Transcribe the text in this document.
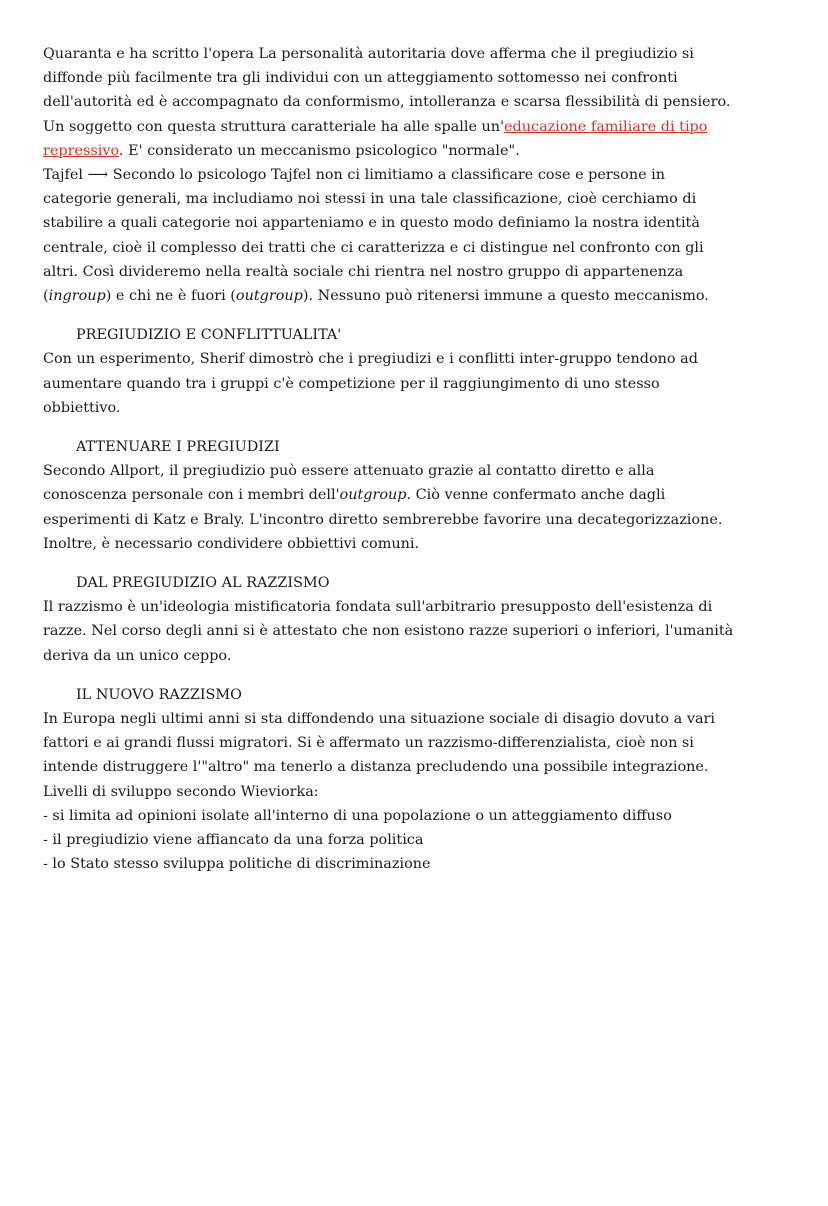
Quaranta e ha scritto l'opera La personalità autoritaria dove afferma che il pregiudizio si
diffonde più facilmente tra gli individui con un atteggiamento sottomesso nei confronti
dell'autorità ed è accompagnato da conformismo, intolleranza e scarsa flessibilità di pensiero.
Un soggetto con questa struttura caratteriale ha alle spalle un'educazione familiare di tipo
repressivo. E' considerato un meccanismo psicologico "normale".

Tajfel ⟶ Secondo lo psicologo Tajfel non ci limitiamo a classificare cose e persone in
categorie generali, ma includiamo noi stessi in una tale classificazione, cioè cerchiamo di
stabilire a quali categorie noi apparteniamo e in questo modo definiamo la nostra identità
centrale, cioè il complesso dei tratti che ci caratterizza e ci distingue nel confronto con gli
altri. Così divideremo nella realtà sociale chi rientra nel nostro gruppo di appartenenza
(ingroup) e chi ne è fuori (outgroup). Nessuno può ritenersi immune a questo meccanismo.

PREGIUDIZIO E CONFLITTUALITA'

Con un esperimento, Sherif dimostrò che i pregiudizi e i conflitti inter-gruppo tendono ad
aumentare quando tra i gruppi c'è competizione per il raggiungimento di uno stesso
obbiettivo.

ATTENUARE I PREGIUDIZI

Secondo Allport, il pregiudizio può essere attenuato grazie al contatto diretto e alla
conoscenza personale con i membri dell'outgroup. Ciò venne confermato anche dagli
esperimenti di Katz e Braly. L'incontro diretto sembrerebbe favorire una decategorizzazione.
Inoltre, è necessario condividere obbiettivi comuni.

DAL PREGIUDIZIO AL RAZZISMO

Il razzismo è un'ideologia mistificatoria fondata sull'arbitrario presupposto dell'esistenza di
razze. Nel corso degli anni si è attestato che non esistono razze superiori o inferiori, l'umanità
deriva da un unico ceppo.

IL NUOVO RAZZISMO

In Europa negli ultimi anni si sta diffondendo una situazione sociale di disagio dovuto a vari
fattori e ai grandi flussi migratori. Si è affermato un razzismo-differenzialista, cioè non si
intende distruggere l'"altro" ma tenerlo a distanza precludendo una possibile integrazione.
Livelli di sviluppo secondo Wieviorka:
- si limita ad opinioni isolate all'interno di una popolazione o un atteggiamento diffuso
- il pregiudizio viene affiancato da una forza politica
- lo Stato stesso sviluppa politiche di discriminazione
